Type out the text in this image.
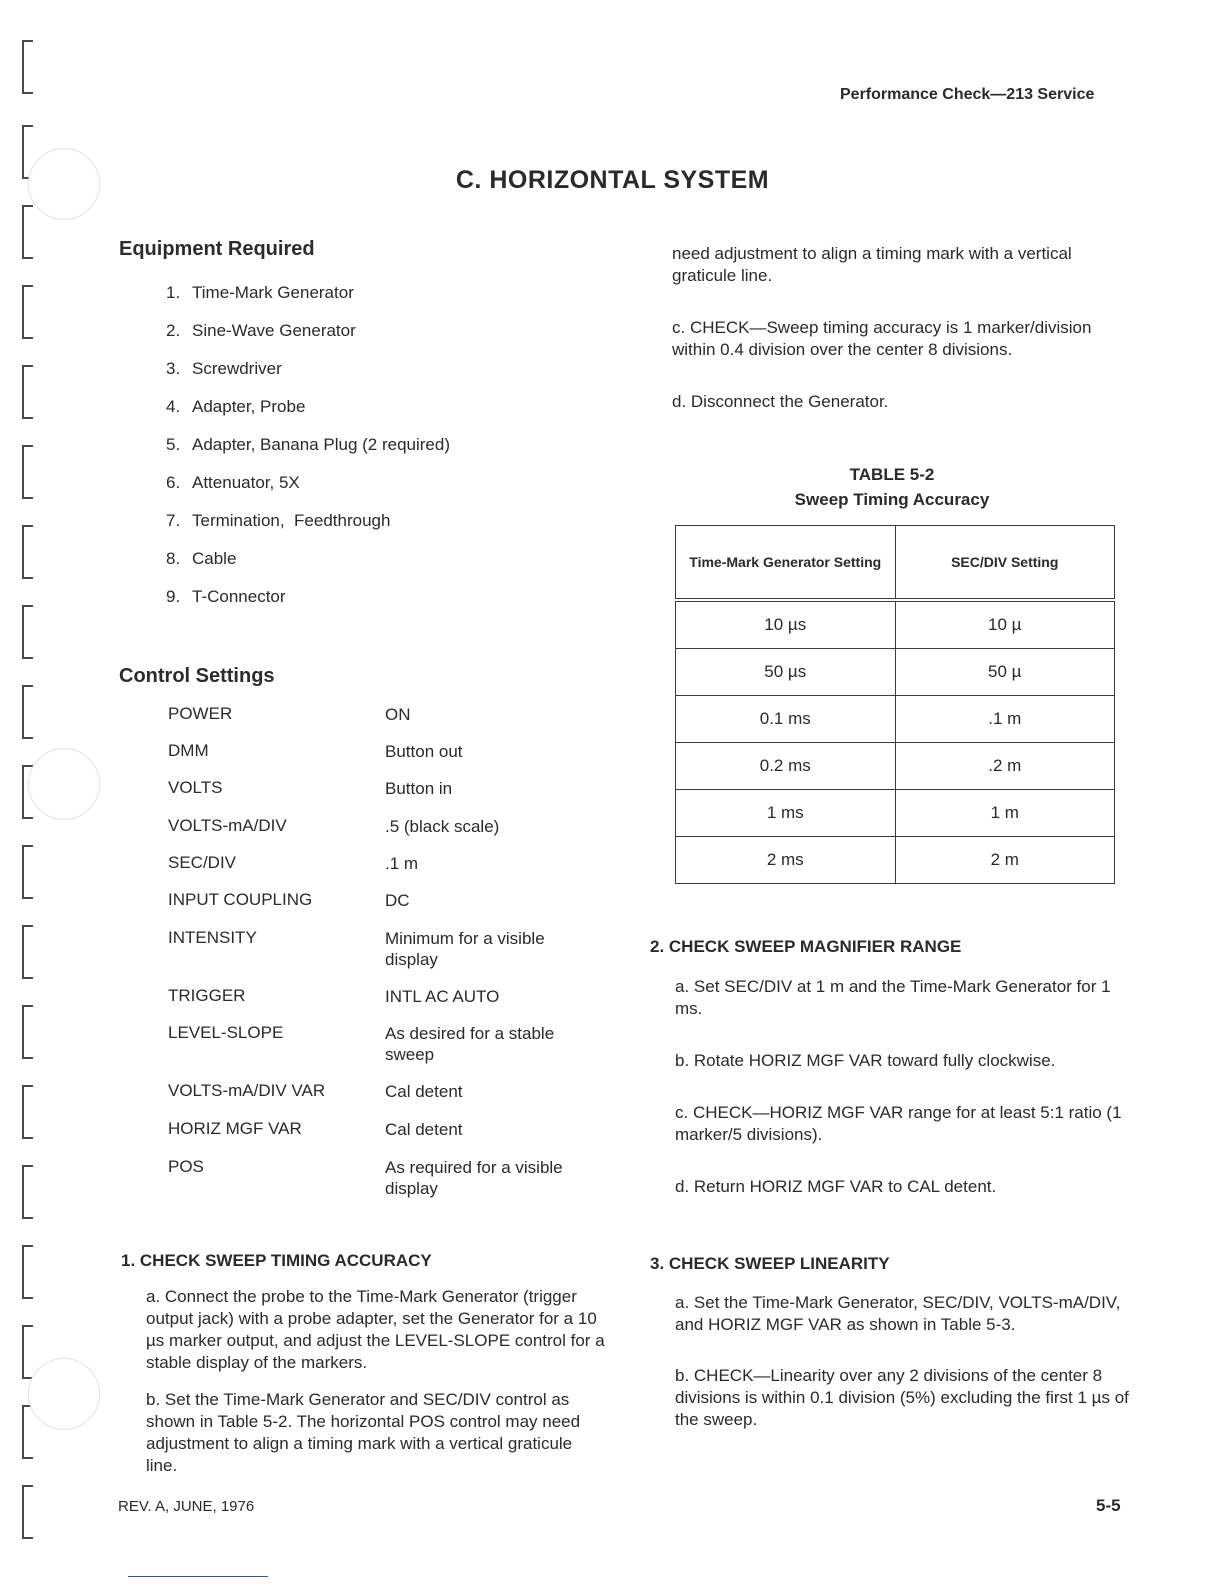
Performance Check—213 Service
C. HORIZONTAL SYSTEM
Equipment Required
1. Time-Mark Generator
2. Sine-Wave Generator
3. Screwdriver
4. Adapter, Probe
5. Adapter, Banana Plug (2 required)
6. Attenuator, 5X
7. Termination,  Feedthrough
8. Cable
9. T-Connector
Control Settings
POWER	ON
DMM	Button out
VOLTS	Button in
VOLTS-mA/DIV	.5 (black scale)
SEC/DIV	.1 m
INPUT COUPLING	DC
INTENSITY	Minimum for a visible display
TRIGGER	INTL AC AUTO
LEVEL-SLOPE	As desired for a stable sweep
VOLTS-mA/DIV VAR	Cal detent
HORIZ MGF VAR	Cal detent
POS	As required for a visible display
1. CHECK SWEEP TIMING ACCURACY
a. Connect the probe to the Time-Mark Generator (trigger output jack) with a probe adapter, set the Generator for a 10 µs marker output, and adjust the LEVEL-SLOPE control for a stable display of the markers.
b. Set the Time-Mark Generator and SEC/DIV control as shown in Table 5-2. The horizontal POS control may need adjustment to align a timing mark with a vertical graticule line.
need adjustment to align a timing mark with a vertical graticule line.
c. CHECK—Sweep timing accuracy is 1 marker/division within 0.4 division over the center 8 divisions.
d. Disconnect the Generator.
TABLE 5-2
Sweep Timing Accuracy
Time-Mark Generator Setting	SEC/DIV Setting
10 µs	10 µ
50 µs	50 µ
0.1 ms	.1 m
0.2 ms	.2 m
1 ms	1 m
2 ms	2 m
2. CHECK SWEEP MAGNIFIER RANGE
a. Set SEC/DIV at 1 m and the Time-Mark Generator for 1 ms.
b. Rotate HORIZ MGF VAR toward fully clockwise.
c. CHECK—HORIZ MGF VAR range for at least 5:1 ratio (1 marker/5 divisions).
d. Return HORIZ MGF VAR to CAL detent.
3. CHECK SWEEP LINEARITY
a. Set the Time-Mark Generator, SEC/DIV, VOLTS-mA/DIV, and HORIZ MGF VAR as shown in Table 5-3.
b. CHECK—Linearity over any 2 divisions of the center 8 divisions is within 0.1 division (5%) excluding the first 1 µs of the sweep.
REV. A, JUNE, 1976	5-5
